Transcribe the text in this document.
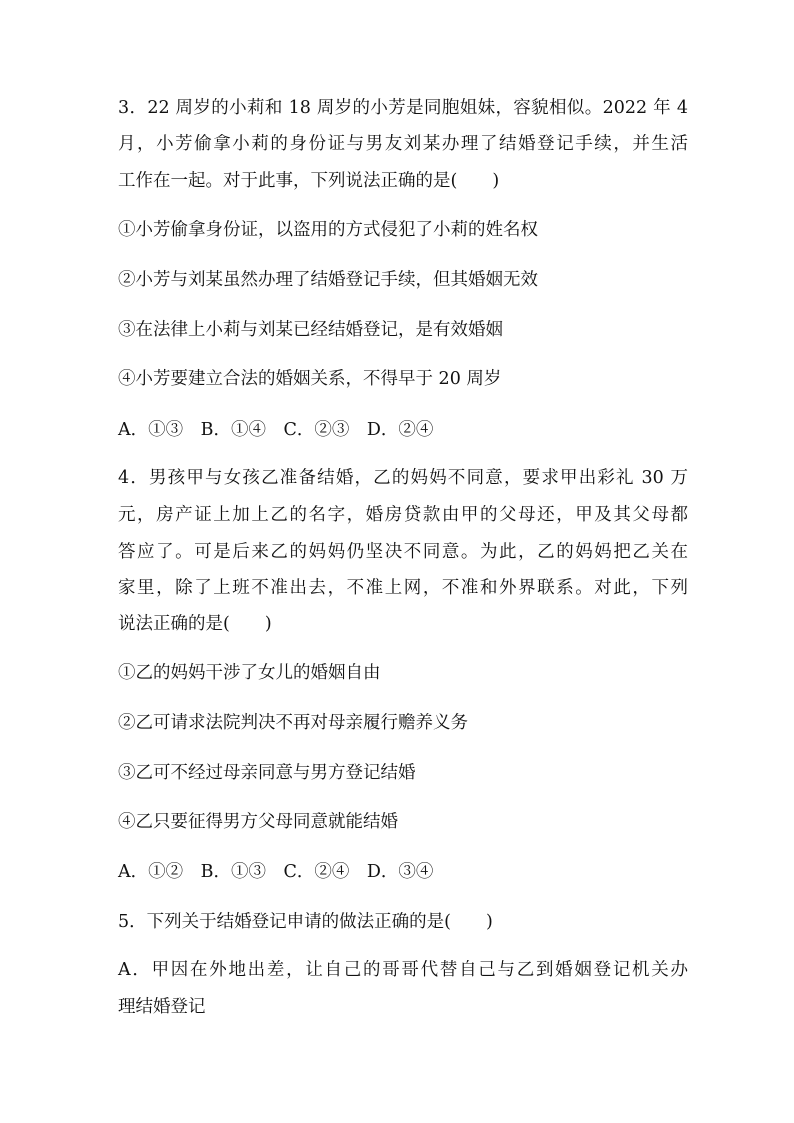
3．22 周岁的小莉和 18 周岁的小芳是同胞姐妹，容貌相似。2022 年 4
月，小芳偷拿小莉的身份证与男友刘某办理了结婚登记手续，并生活
工作在一起。对于此事，下列说法正确的是(　　)
①小芳偷拿身份证，以盗用的方式侵犯了小莉的姓名权
②小芳与刘某虽然办理了结婚登记手续，但其婚姻无效
③在法律上小莉与刘某已经结婚登记，是有效婚姻
④小芳要建立合法的婚姻关系，不得早于 20 周岁
A．①③　B．①④　C．②③　D．②④
4．男孩甲与女孩乙准备结婚，乙的妈妈不同意，要求甲出彩礼 30 万
元，房产证上加上乙的名字，婚房贷款由甲的父母还，甲及其父母都
答应了。可是后来乙的妈妈仍坚决不同意。为此，乙的妈妈把乙关在
家里，除了上班不准出去，不准上网，不准和外界联系。对此，下列
说法正确的是(　　)
①乙的妈妈干涉了女儿的婚姻自由
②乙可请求法院判决不再对母亲履行赡养义务
③乙可不经过母亲同意与男方登记结婚
④乙只要征得男方父母同意就能结婚
A．①②　B．①③　C．②④　D．③④
5．下列关于结婚登记申请的做法正确的是(　　)
A．甲因在外地出差，让自己的哥哥代替自己与乙到婚姻登记机关办
理结婚登记
